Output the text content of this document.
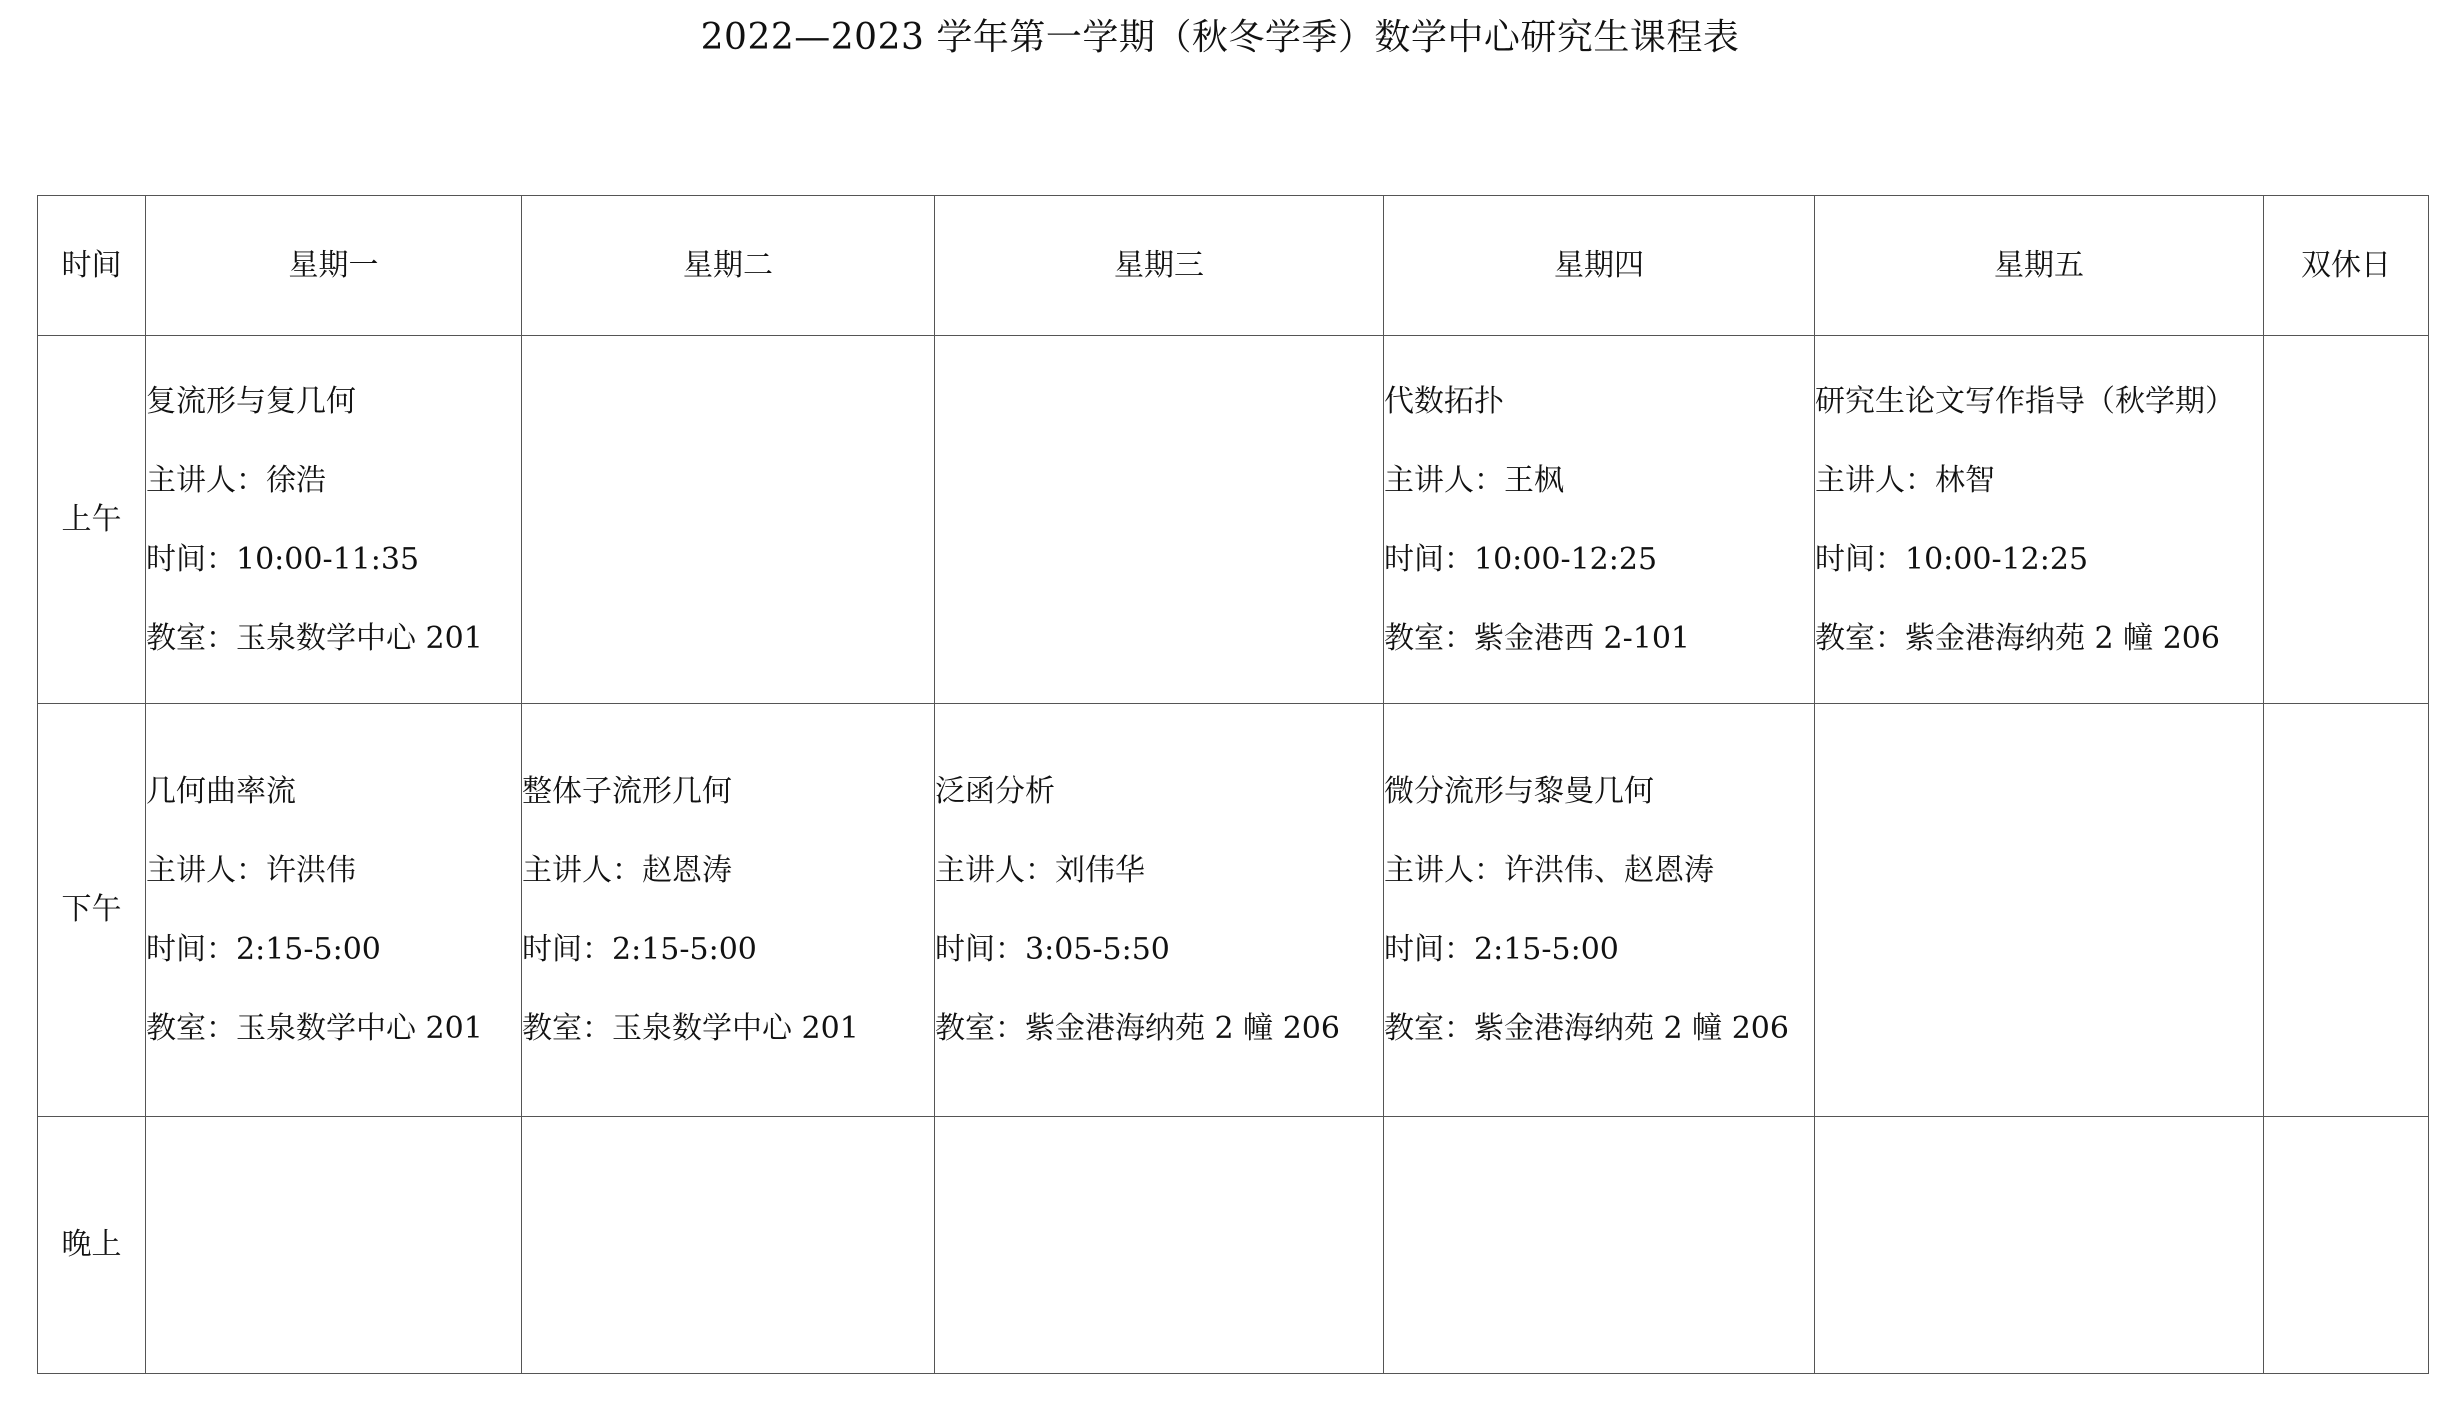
2022—2023 学年第一学期（秋冬学季）数学中心研究生课程表
时间	星期一	星期二	星期三	星期四	星期五	双休日
上午	复流形与复几何
主讲人：徐浩
时间：10:00-11:35
教室：玉泉数学中心 201			代数拓扑
主讲人：王枫
时间：10:00-12:25
教室：紫金港西 2-101	研究生论文写作指导（秋学期）
主讲人：林智
时间：10:00-12:25
教室：紫金港海纳苑 2 幢 206	

下午	几何曲率流
主讲人：许洪伟
时间：2:15-5:00
教室：玉泉数学中心 201	整体子流形几何
主讲人：赵恩涛
时间：2:15-5:00
教室：玉泉数学中心 201	泛函分析
主讲人：刘伟华
时间：3:05-5:50
教室：紫金港海纳苑 2 幢 206	微分流形与黎曼几何
主讲人：许洪伟、赵恩涛
时间：2:15-5:00
教室：紫金港海纳苑 2 幢 206		

晚上						
